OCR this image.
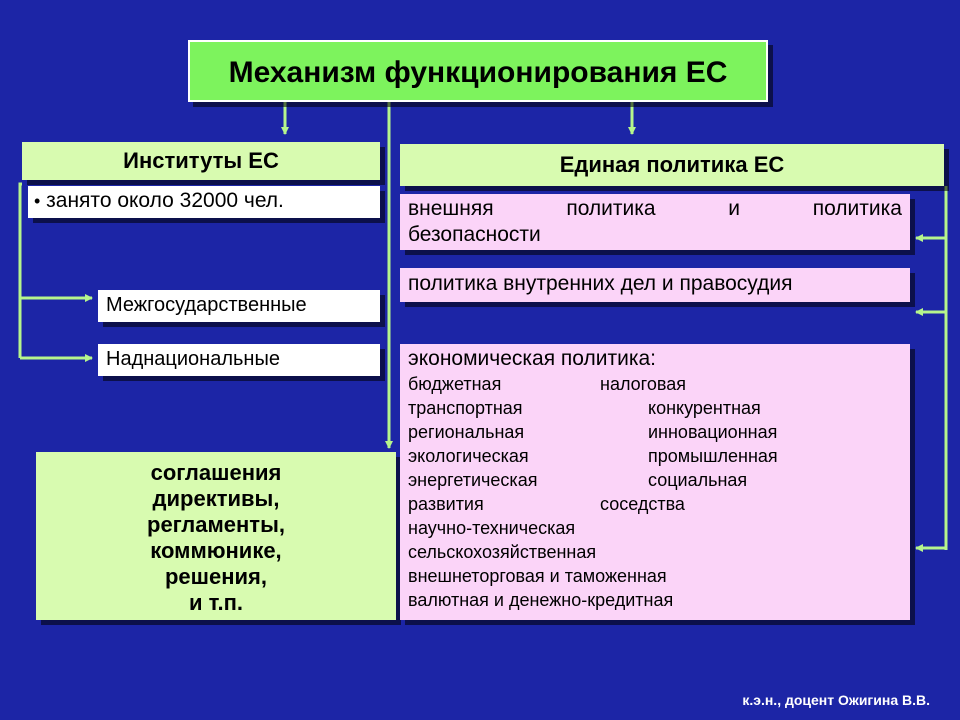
Механизм функционирования ЕС
Институты ЕС
• занято около 32000 чел.
Межгосударственные
Наднациональные
соглашения
директивы,
регламенты,
коммюнике,
решения,
и т.п.
Единая политика ЕС
внешняя	политика	и	политика
безопасности
политика внутренних дел и правосудия
экономическая политика:
бюджетная	налоговая
транспортная	конкурентная
региональная	инновационная
экологическая	промышленная
энергетическая	социальная
развития	соседства
научно-техническая
сельскохозяйственная
внешнеторговая и таможенная
валютная и денежно-кредитная
к.э.н., доцент Ожигина В.В.
